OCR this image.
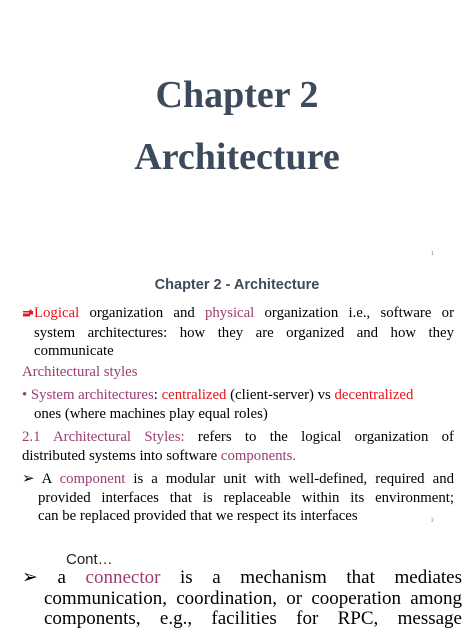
Chapter 2
Architecture
1
Chapter 2 - Architecture
Logical organization and physical organization i.e., software or
system architectures: how they are organized and how they
communicate
Architectural styles
• System architectures: centralized (client-server) vs decentralized
ones (where machines play equal roles)
2.1 Architectural Styles: refers to the logical organization of
distributed systems into software components.
➢ A component is a modular unit with well-defined, required and
provided interfaces that is replaceable within its environment;
can be replaced provided that we respect its interfaces	2
Cont…
➢ a connector is a mechanism that mediates
communication, coordination, or cooperation among
components, e.g., facilities for RPC, message
